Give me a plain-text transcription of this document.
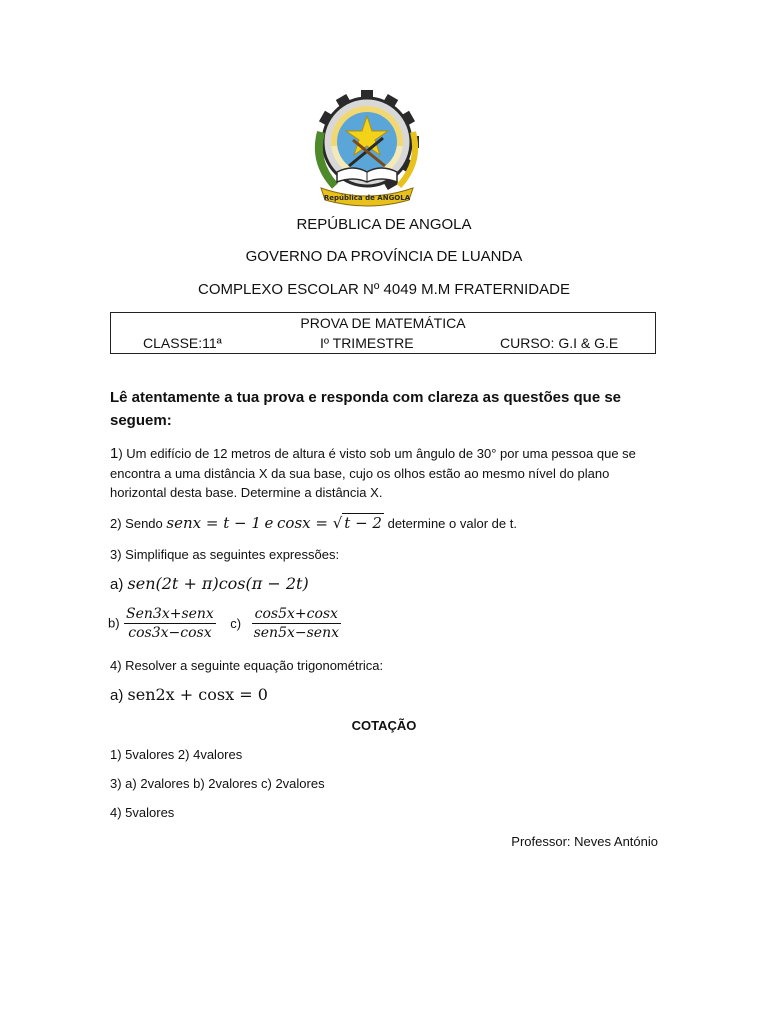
República de ANGOLA
REPÚBLICA DE ANGOLA
GOVERNO DA PROVÍNCIA DE LUANDA
COMPLEXO ESCOLAR Nº 4049 M.M FRATERNIDADE
PROVA DE MATEMÁTICA
CLASSE:11ª	Iº TRIMESTRE	CURSO: G.I & G.E
Lê atentamente a tua prova e responda com clareza as questões que se seguem:
1) Um edifício de 12 metros de altura é visto sob um ângulo de 30° por uma pessoa que se encontra a uma distância X da sua base, cujo os olhos estão ao mesmo nível do plano horizontal desta base. Determine a distância X.
2) Sendo senx = t − 1 e cosx = √ t − 2 determine o valor de t.
3) Simplifique as seguintes expressões:
a) sen(2t + π)cos(π − 2t)
$b) \frac{\text{Sen3x+senx}}{\cos 3x-\cos x} c) \frac{\cos 5x+\cos x}{\text{sen5x−senx}}$
4) Resolver a seguinte equação trigonométrica:
a) sen2x + cosx = 0
COTAÇÃO
1) 5valores 2) 4valores
3) a) 2valores b) 2valores c) 2valores
4) 5valores
Professor: Neves António
